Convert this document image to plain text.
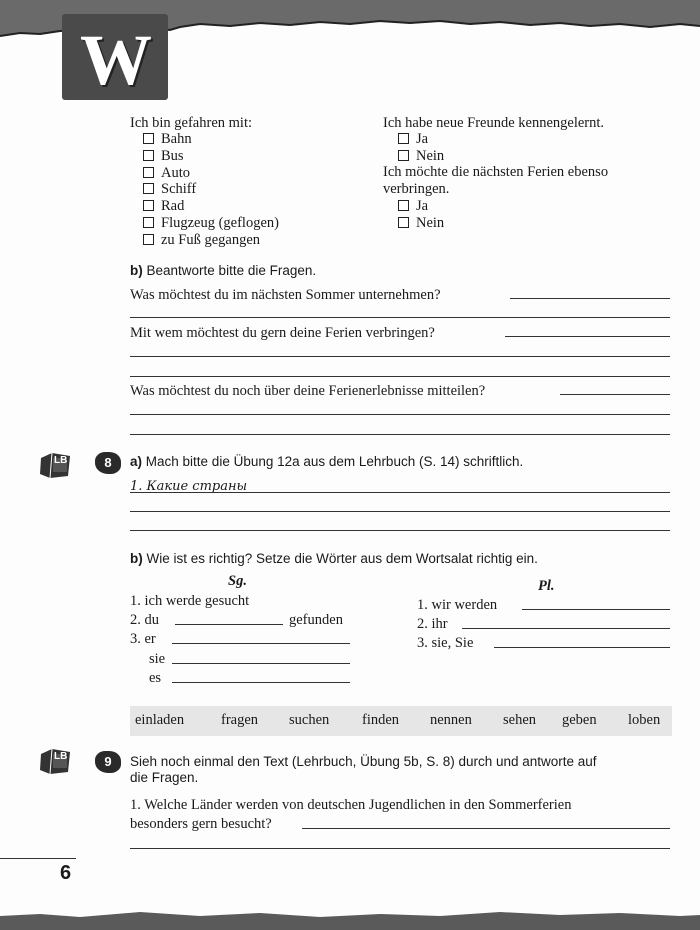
W
Ich bin gefahren mit:
Bahn
Bus
Auto
Schiff
Rad
Flugzeug (geflogen)
zu Fuß gegangen
Ich habe neue Freunde kennengelernt.
Ja
Nein
Ich möchte die nächsten Ferien ebenso
verbringen.
Ja
Nein
b) Beantworte bitte die Fragen.
Was möchtest du im nächsten Sommer unternehmen?
Mit wem möchtest du gern deine Ferien verbringen?
Was möchtest du noch über deine Ferienerlebnisse mitteilen?
LB	8	a) Mach bitte die Übung 12a aus dem Lehrbuch (S. 14) schriftlich.
1. Какие страны
b) Wie ist es richtig? Setze die Wörter aus dem Wortsalat richtig ein.
Sg.	Pl.
1. ich werde gesucht
2. du	gefunden
3. er
sie
es
1. wir werden
2. ihr
3. sie, Sie
einladen	fragen suchen finden nennen sehen geben loben
LB	9	Sieh noch einmal den Text (Lehrbuch, Übung 5b, S. 8) durch und antworte auf
die Fragen.
1. Welche Länder werden von deutschen Jugendlichen in den Sommerferien
besonders gern besucht?
6
